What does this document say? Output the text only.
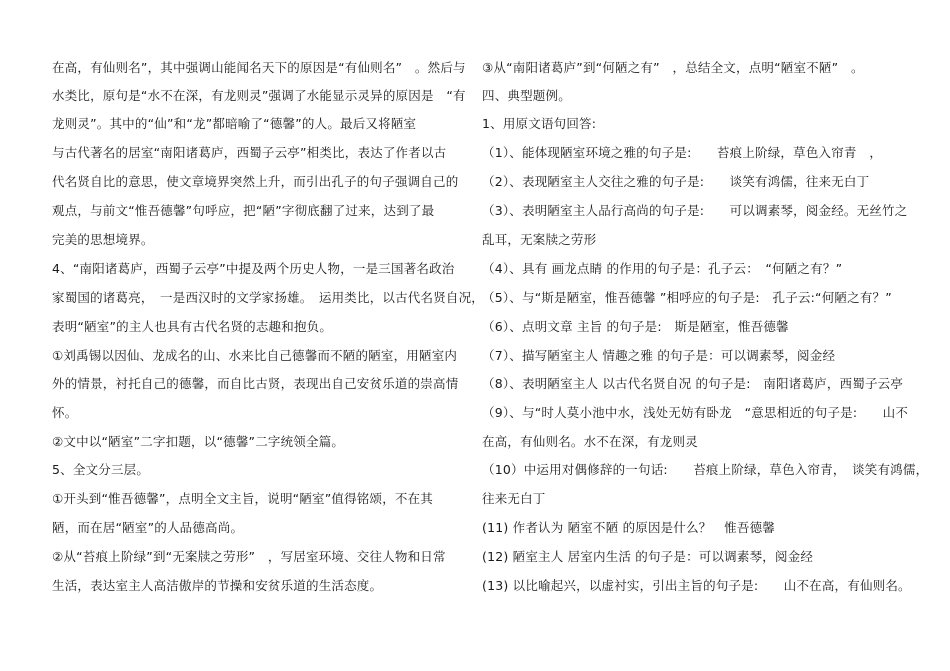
在高，有仙则名”，其中强调山能闻名天下的原因是“有仙则名”　。然后与
水类比，原句是“水不在深，有龙则灵”强调了水能显示灵异的原因是　“有
龙则灵”。其中的“仙”和“龙”都暗喻了“德馨”的人。最后又将陋室
与古代著名的居室“南阳诸葛庐，西蜀子云亭”相类比，表达了作者以古
代名贤自比的意思，使文章境界突然上升，而引出孔子的句子强调自己的
观点，与前文“惟吾德馨”句呼应，把“陋”字彻底翻了过来，达到了最
完美的思想境界。
4、“南阳诸葛庐，西蜀子云亭”中提及两个历史人物，一是三国著名政治
家蜀国的诸葛亮，　一是西汉时的文学家扬雄。　运用类比，以古代名贤自况，
表明“陋室”的主人也具有古代名贤的志趣和抱负。
①刘禹锡以因仙、龙成名的山、水来比自己德馨而不陋的陋室，用陋室内
外的情景，衬托自己的德馨，而自比古贤，表现出自己安贫乐道的崇高情
怀。
②文中以“陋室”二字扣题，以“德馨”二字统领全篇。
5、全文分三层。
①开头到“惟吾德馨”，点明全文主旨，说明“陋室”值得铭颂，不在其
陋，而在居“陋室”的人品德高尚。
②从“苔痕上阶绿”到“无案牍之劳形”　，写居室环境、交往人物和日常
生活，表达室主人高洁傲岸的节操和安贫乐道的生活态度。
③从“南阳诸葛庐”到“何陋之有”　，总结全文，点明“陋室不陋”　。
四、典型题例。
1、用原文语句回答:
（1）、能体现陋室环境之雅的句子是:　　苔痕上阶绿，草色入帘青　，
（2）、表现陋室主人交往之雅的句子是:　　谈笑有鸿儒，往来无白丁
（3）、表明陋室主人品行高尚的句子是:　　可以调素琴，阅金经。无丝竹之
乱耳，无案牍之劳形
（4）、具有 画龙点睛 的作用的句子是：孔子云：　“何陋之有？”
（5）、与“斯是陋室，惟吾德馨 ”相呼应的句子是:　孔子云:“何陋之有？”
（6）、点明文章 主旨 的句子是:　斯是陋室，惟吾德馨
（7）、描写陋室主人 情趣之雅 的句子是：可以调素琴，阅金经
（8）、表明陋室主人 以古代名贤自况 的句子是:　南阳诸葛庐，西蜀子云亭
（9）、与“时人莫小池中水，浅处无妨有卧龙　“意思相近的句子是:　　山不
在高，有仙则名。水不在深，有龙则灵
（10）中运用对偶修辞的一句话:　　苔痕上阶绿，草色入帘青，　谈笑有鸿儒，
往来无白丁
(11) 作者认为 陋室不陋 的原因是什么？　惟吾德馨
(12) 陋室主人 居室内生活 的句子是：可以调素琴，阅金经
(13) 以比喻起兴，以虚衬实，引出主旨的句子是:　　山不在高，有仙则名。
